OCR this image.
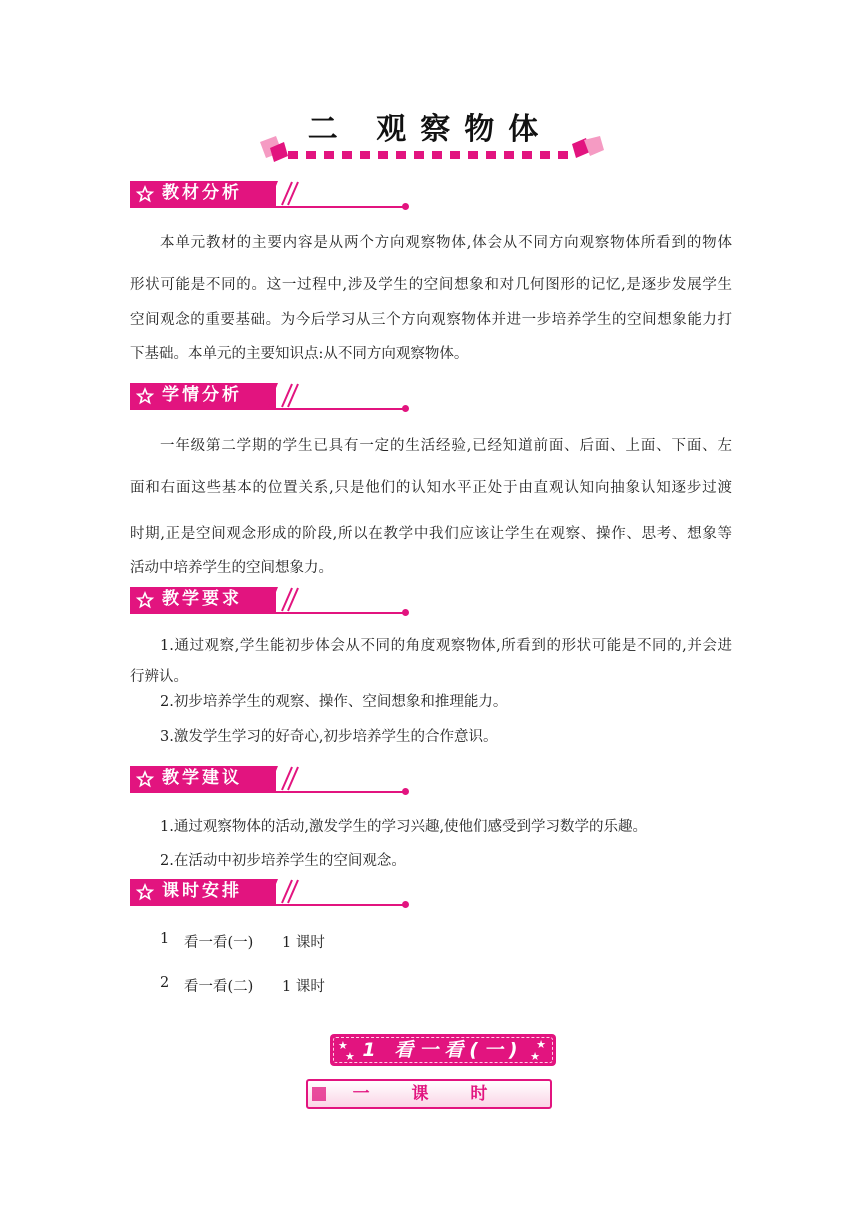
二 观察物体
教材分析
本单元教材的主要内容是从两个方向观察物体,体会从不同方向观察物体所看到的物体
形状可能是不同的。这一过程中,涉及学生的空间想象和对几何图形的记忆,是逐步发展学生
空间观念的重要基础。为今后学习从三个方向观察物体并进一步培养学生的空间想象能力打
下基础。本单元的主要知识点:从不同方向观察物体。
学情分析
一年级第二学期的学生已具有一定的生活经验,已经知道前面、后面、上面、下面、左
面和右面这些基本的位置关系,只是他们的认知水平正处于由直观认知向抽象认知逐步过渡
时期,正是空间观念形成的阶段,所以在教学中我们应该让学生在观察、操作、思考、想象等
活动中培养学生的空间想象力。
教学要求
1.通过观察,学生能初步体会从不同的角度观察物体,所看到的形状可能是不同的,并会进
行辨认。
2.初步培养学生的观察、操作、空间想象和推理能力。
3.激发学生学习的好奇心,初步培养学生的合作意识。
教学建议
1.通过观察物体的活动,激发学生的学习兴趣,使他们感受到学习数学的乐趣。
2.在活动中初步培养学生的空间观念。
课时安排
1 看一看(一) 1 课时
2 看一看(二) 1 课时
★
★
★
★
1 看一看(一)
一 课 时
